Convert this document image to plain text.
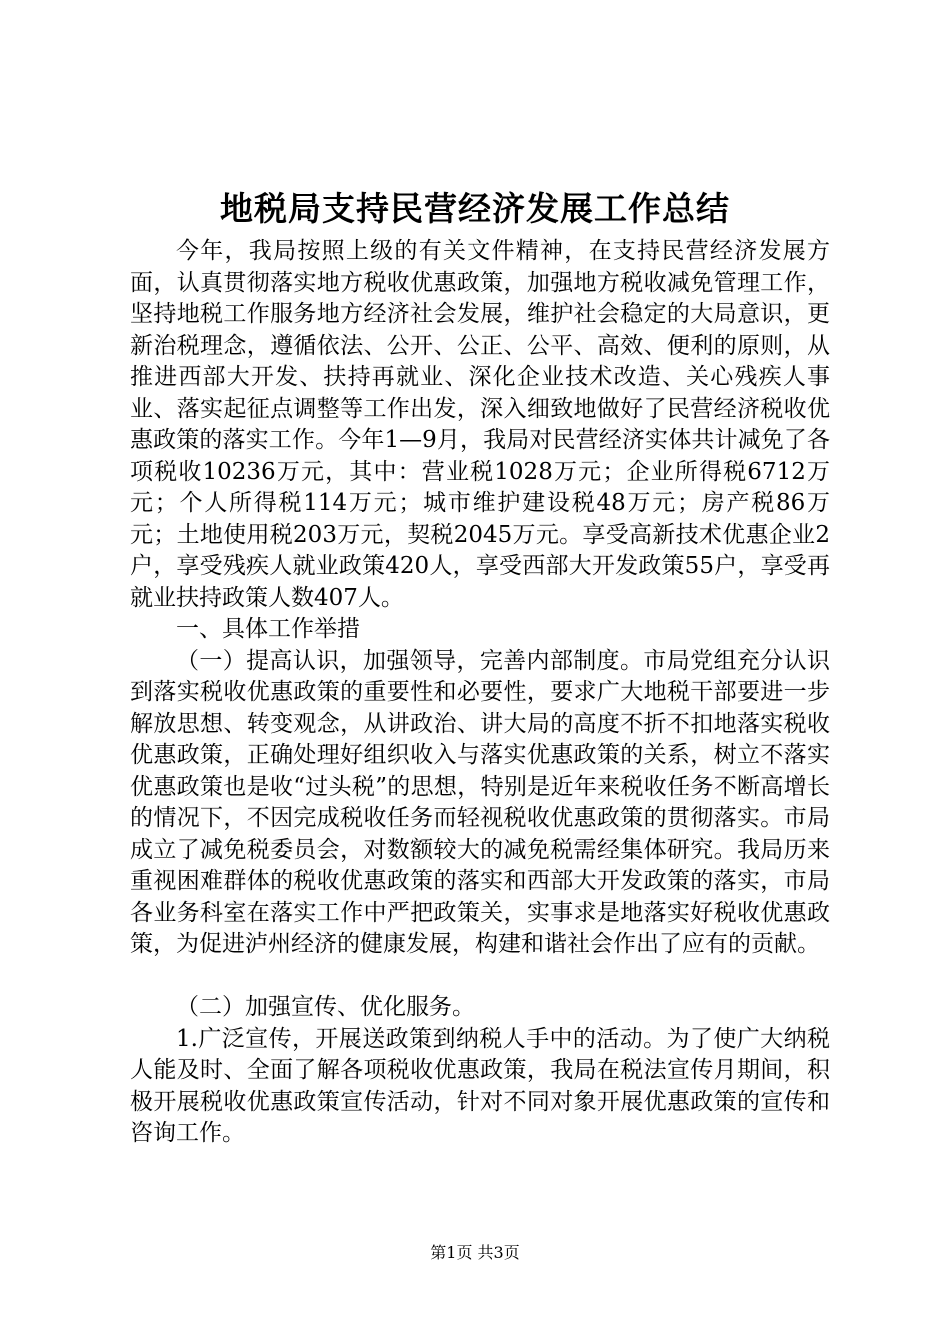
地税局支持民营经济发展工作总结

今年，我局按照上级的有关文件精神，在支持民营经济发展方面，认真贯彻落实地方税收优惠政策，加强地方税收减免管理工作，坚持地税工作服务地方经济社会发展，维护社会稳定的大局意识，更新治税理念，遵循依法、公开、公正、公平、高效、便利的原则，从推进西部大开发、扶持再就业、深化企业技术改造、关心残疾人事业、落实起征点调整等工作出发，深入细致地做好了民营经济税收优惠政策的落实工作。今年1—9月，我局对民营经济实体共计减免了各项税收10236万元，其中：营业税1028万元；企业所得税6712万元；个人所得税114万元；城市维护建设税48万元；房产税86万元；土地使用税203万元，契税2045万元。享受高新技术优惠企业2户，享受残疾人就业政策420人，享受西部大开发政策55户，享受再就业扶持政策人数407人。

一、具体工作举措

（一）提高认识，加强领导，完善内部制度。市局党组充分认识到落实税收优惠政策的重要性和必要性，要求广大地税干部要进一步解放思想、转变观念，从讲政治、讲大局的高度不折不扣地落实税收优惠政策，正确处理好组织收入与落实优惠政策的关系，树立不落实优惠政策也是收“过头税”的思想，特别是近年来税收任务不断高增长的情况下，不因完成税收任务而轻视税收优惠政策的贯彻落实。市局成立了减免税委员会，对数额较大的减免税需经集体研究。我局历来重视困难群体的税收优惠政策的落实和西部大开发政策的落实，市局各业务科室在落实工作中严把政策关，实事求是地落实好税收优惠政策，为促进泸州经济的健康发展，构建和谐社会作出了应有的贡献。

（二）加强宣传、优化服务。

1.广泛宣传，开展送政策到纳税人手中的活动。为了使广大纳税人能及时、全面了解各项税收优惠政策，我局在税法宣传月期间，积极开展税收优惠政策宣传活动，针对不同对象开展优惠政策的宣传和咨询工作。

第1页 共3页
